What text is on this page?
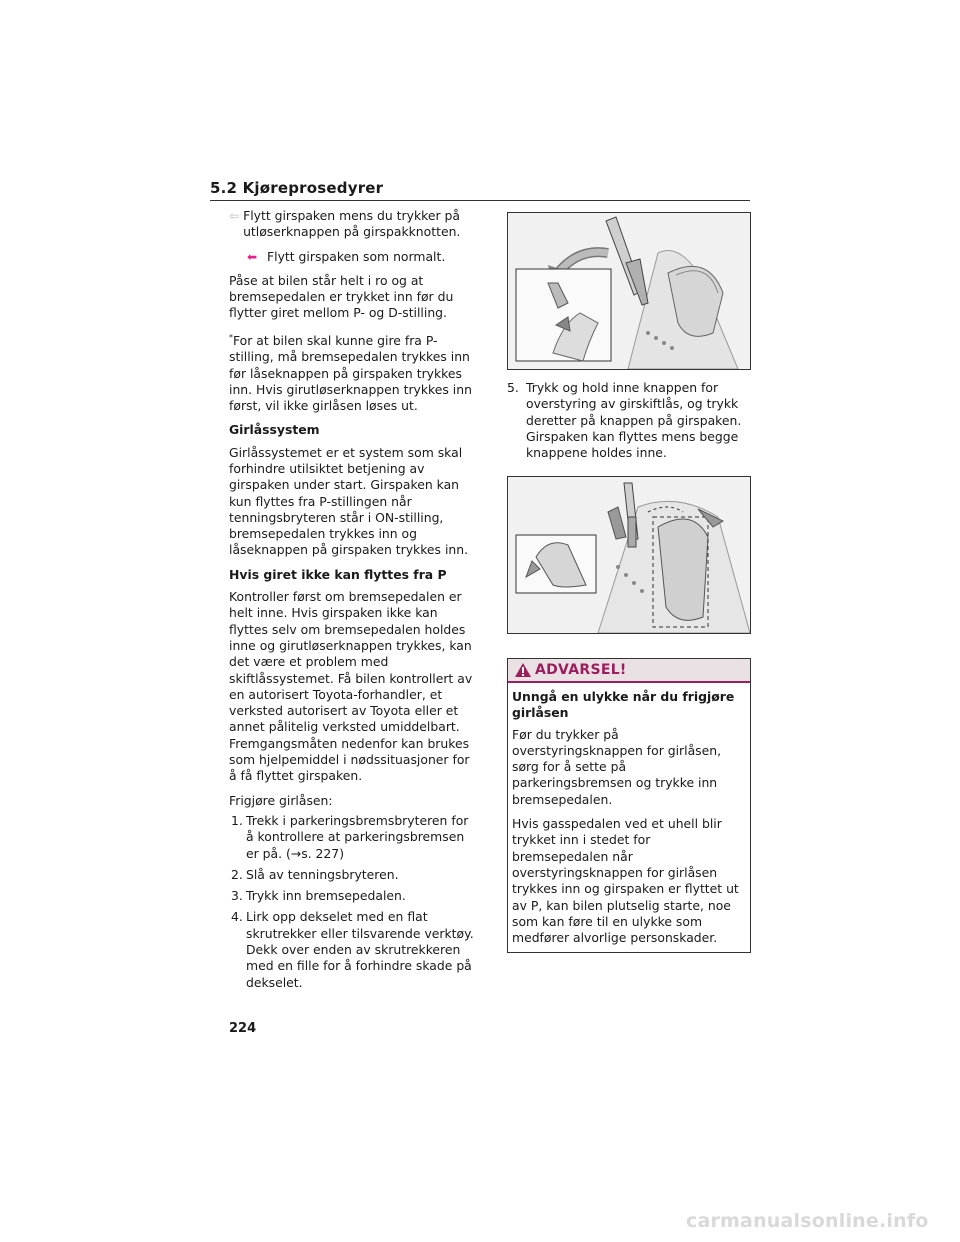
5.2 Kjøreprosedyrer

⇦ Flytt girspaken mens du trykker på utløserknappen på girspakknotten.

⬅ Flytt girspaken som normalt.

Påse at bilen står helt i ro og at bremsepedalen er trykket inn før du flytter giret mellom P- og D-stilling.

*For at bilen skal kunne gire fra P-stilling, må bremsepedalen trykkes inn før låseknappen på girspaken trykkes inn. Hvis girutløserknappen trykkes inn først, vil ikke girlåsen løses ut.

Girlåssystem

Girlåssystemet er et system som skal forhindre utilsiktet betjening av girspaken under start. Girspaken kan kun flyttes fra P-stillingen når tenningsbryteren står i ON-stilling, bremsepedalen trykkes inn og låseknappen på girspaken trykkes inn.

Hvis giret ikke kan flyttes fra P

Kontroller først om bremsepedalen er helt inne. Hvis girspaken ikke kan flyttes selv om bremsepedalen holdes inne og girutløserknappen trykkes, kan det være et problem med skiftlåssystemet. Få bilen kontrollert av en autorisert Toyota-forhandler, et verksted autorisert av Toyota eller et annet pålitelig verksted umiddelbart. Fremgangsmåten nedenfor kan brukes som hjelpemiddel i nødssituasjoner for å få flyttet girspaken.

Frigjøre girlåsen:

1. Trekk i parkeringsbremsbryteren for å kontrollere at parkeringsbremsen er på. (→s. 227)
2. Slå av tenningsbryteren.
3. Trykk inn bremsepedalen.
4. Lirk opp dekselet med en flat skrutrekker eller tilsvarende verktøy. Dekk over enden av skrutrekkeren med en fille for å forhindre skade på dekselet.
5. Trykk og hold inne knappen for overstyring av girskiftlås, og trykk deretter på knappen på girspaken. Girspaken kan flyttes mens begge knappene holdes inne.
ADVARSEL!

Unngå en ulykke når du frigjøre girlåsen

Før du trykker på overstyringsknappen for girlåsen, sørg for å sette på parkeringsbremsen og trykke inn bremsepedalen.

Hvis gasspedalen ved et uhell blir trykket inn i stedet for bremsepedalen når overstyringsknappen for girlåsen trykkes inn og girspaken er flyttet ut av P, kan bilen plutselig starte, noe som kan føre til en ulykke som medfører alvorlige personskader.

224
carmanualsonline.info
